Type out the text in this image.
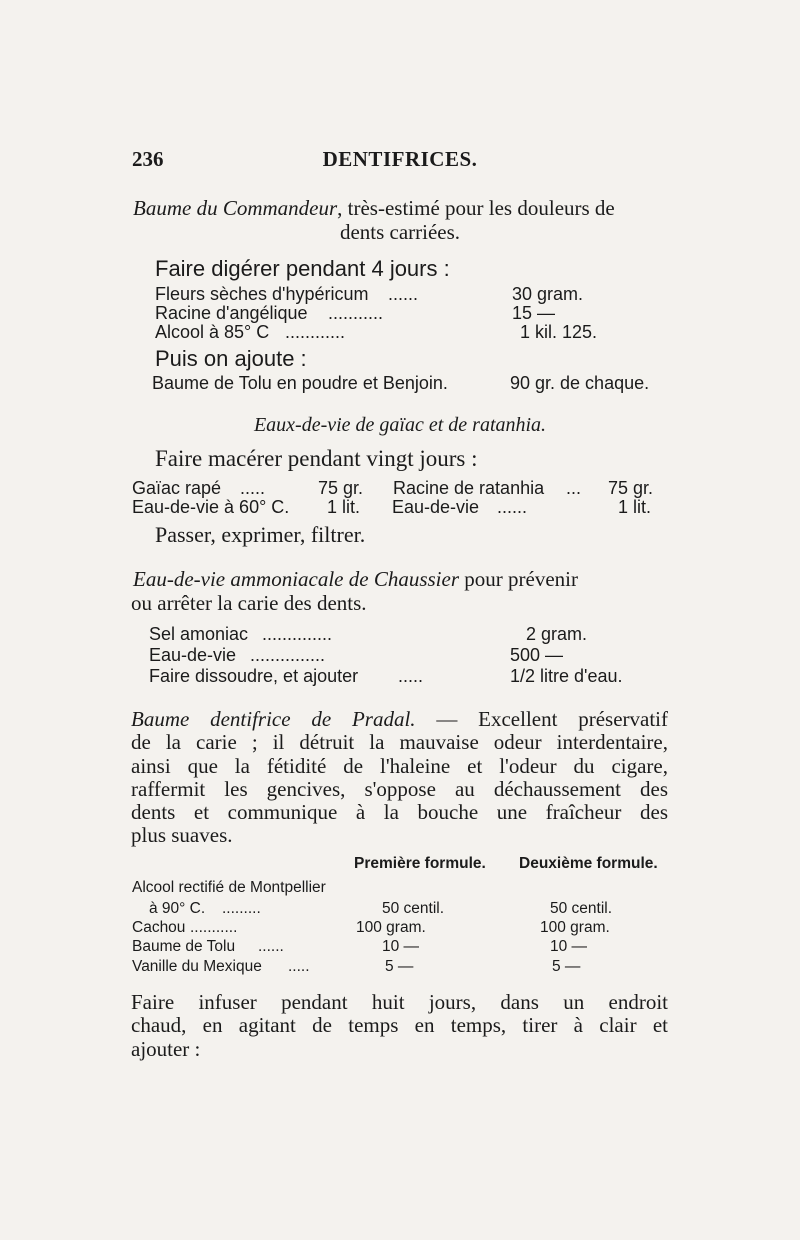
236	DENTIFRICES.
Baume du Commandeur, très-estimé pour les douleurs de
dents carriées.
Faire digérer pendant 4 jours :
Fleurs sèches d'hypéricum ......	30 gram.
Racine d'angélique ...........	15 —
Alcool à 85° C ............	1 kil. 125.
Puis on ajoute :
Baume de Tolu en poudre et Benjoin.	90 gr. de chaque.
Eaux-de-vie de gaïac et de ratanhia.
Faire macérer pendant vingt jours :
Gaïac rapé .....	75 gr. Racine de ratanhia ... 75 gr.
Eau-de-vie à 60° C. 1 lit. Eau-de-vie ......	1 lit.
Passer, exprimer, filtrer.
Eau-de-vie ammoniacale de Chaussier pour prévenir
ou arrêter la carie des dents.
Sel amoniac ..............	2 gram.
Eau-de-vie ...............	500 —
Faire dissoudre, et ajouter .....	1/2 litre d'eau.
Baume dentifrice de Pradal. — Excellent préservatif
de la carie ; il détruit la mauvaise odeur interdentaire,
ainsi que la fétidité de l'haleine et l'odeur du cigare,
raffermit les gencives, s'oppose au déchaussement des
dents et communique à la bouche une fraîcheur des
plus suaves.
Première formule. Deuxième formule.
Alcool rectifié de Montpellier
à 90° C. .........	50 centil.	50 centil.
Cachou ...........	100 gram.	100 gram.
Baume de Tolu ......	10 —	10 —
Vanille du Mexique .....	5 —	5 —
Faire infuser pendant huit jours, dans un endroit
chaud, en agitant de temps en temps, tirer à clair et
ajouter :
